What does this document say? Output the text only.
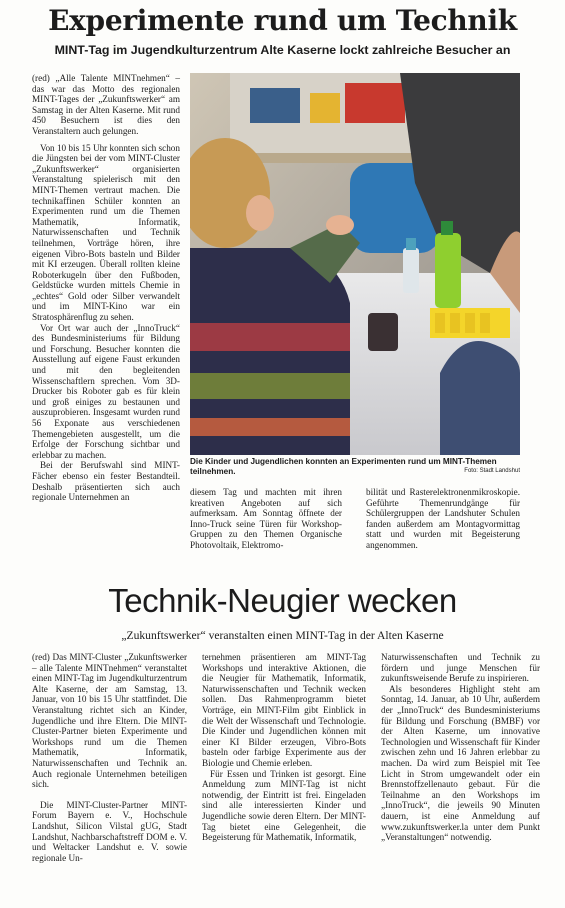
Experimente rund um Technik
MINT-Tag im Jugendkulturzentrum Alte Kaserne lockt zahlreiche Besucher an

(red) „Alle Talente MINTnehmen“ – das war das Motto des regionalen MINT-Tages der „Zukunftswerker“ am Samstag in der Alten Kaserne. Mit rund 450 Besuchern ist dies den Veranstaltern auch gelungen.

Von 10 bis 15 Uhr konnten sich schon die Jüngsten bei der vom MINT-Cluster „Zukunftswerker“ organisierten Veranstaltung spielerisch mit den MINT-Themen vertraut machen. Die technikaffinen Schüler konnten an Experimenten rund um die Themen Mathematik, Informatik, Naturwissenschaften und Technik teilnehmen, Vorträge hören, ihre eigenen Vibro-Bots basteln und Bilder mit KI erzeugen. Überall rollten kleine Roboterkugeln über den Fußboden, Geldstücke wurden mittels Chemie in „echtes“ Gold oder Silber verwandelt und im MINT-Kino war ein Stratosphärenflug zu sehen.

Vor Ort war auch der „InnoTruck“ des Bundesministeriums für Bildung und Forschung. Besucher konnten die Ausstellung auf eigene Faust erkunden und mit den begleitenden Wissenschaftlern sprechen. Vom 3D-Drucker bis Roboter gab es für klein und groß einiges zu bestaunen und auszuprobieren. Insgesamt wurden rund 56 Exponate aus verschiedenen Themengebieten ausgestellt, um die Erfolge der Forschung sichtbar und erlebbar zu machen.

Bei der Berufswahl sind MINT-Fächer ebenso ein fester Bestandteil. Deshalb präsentierten sich auch regionale Unternehmen an

Die Kinder und Jugendlichen konnten an Experimenten rund um MINT-Themen teilnehmen.	Foto: Stadt Landshut

diesem Tag und machten mit ihren kreativen Angeboten auf sich aufmerksam. Am Sonntag öffnete der Inno-Truck seine Türen für Workshop-Gruppen zu den Themen Organische Photovoltaik, Elektromo-

bilität und Rasterelektronenmikroskopie. Geführte Themenrundgänge für Schülergruppen der Landshuter Schulen fanden außerdem am Montagvormittag statt und wurden mit Begeisterung angenommen.

Technik-Neugier wecken
„Zukunftswerker“ veranstalten einen MINT-Tag in der Alten Kaserne

(red) Das MINT-Cluster „Zukunftswerker – alle Talente MINTnehmen“ veranstaltet einen MINT-Tag im Jugendkulturzentrum Alte Kaserne, der am Samstag, 13. Januar, von 10 bis 15 Uhr stattfindet. Die Veranstaltung richtet sich an Kinder, Jugendliche und ihre Eltern. Die MINT-Cluster-Partner bieten Experimente und Workshops rund um die Themen Mathematik, Informatik, Naturwissenschaften und Technik an. Auch regionale Unternehmen beteiligen sich.

Die MINT-Cluster-Partner MINT-Forum Bayern e. V., Hochschule Landshut, Silicon Vilstal gUG, Stadt Landshut, Nachbarschaftstreff DOM e. V. und Weltacker Landshut e. V. sowie regionale Un-

ternehmen präsentieren am MINT-Tag Workshops und interaktive Aktionen, die die Neugier für Mathematik, Informatik, Naturwissenschaften und Technik wecken sollen. Das Rahmenprogramm bietet Vorträge, ein MINT-Film gibt Einblick in die Welt der Wissenschaft und Technologie. Die Kinder und Jugendlichen können mit einer KI Bilder erzeugen, Vibro-Bots basteln oder farbige Experimente aus der Biologie und Chemie erleben.

Für Essen und Trinken ist gesorgt. Eine Anmeldung zum MINT-Tag ist nicht notwendig, der Eintritt ist frei. Eingeladen sind alle interessierten Kinder und Jugendliche sowie deren Eltern. Der MINT-Tag bietet eine Gelegenheit, die Begeisterung für Mathematik, Informatik,

Naturwissenschaften und Technik zu fördern und junge Menschen für zukunftsweisende Berufe zu inspirieren.

Als besonderes Highlight steht am Sonntag, 14. Januar, ab 10 Uhr, außerdem der „InnoTruck“ des Bundesministeriums für Bildung und Forschung (BMBF) vor der Alten Kaserne, um innovative Technologien und Wissenschaft für Kinder zwischen zehn und 16 Jahren erlebbar zu machen. Da wird zum Beispiel mit Tee Licht in Strom umgewandelt oder ein Brennstoffzellenauto gebaut. Für die Teilnahme an den Workshops im „InnoTruck“, die jeweils 90 Minuten dauern, ist eine Anmeldung auf www.zukunftswerker.la unter dem Punkt „Veranstaltungen“ notwendig.
